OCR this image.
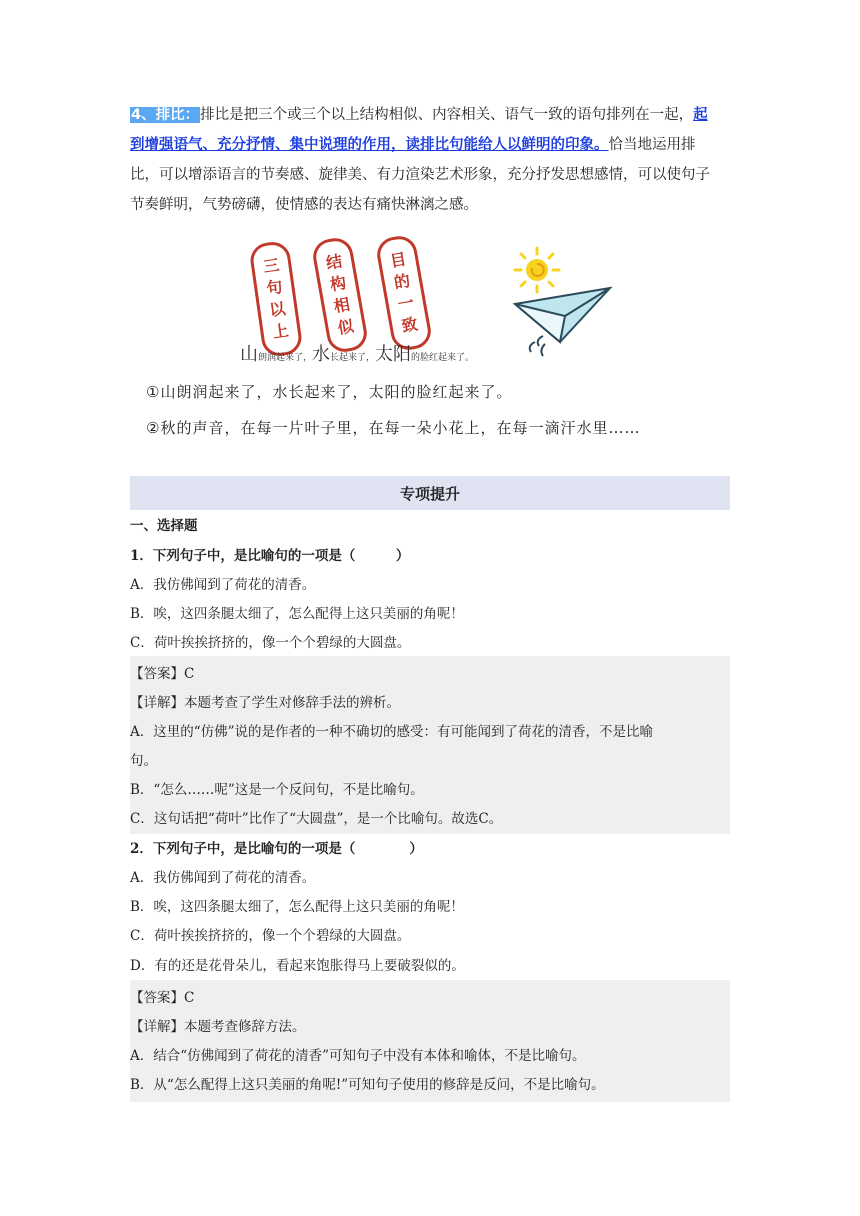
4、排比：排比是把三个或三个以上结构相似、内容相关、语气一致的语句排列在一起，起
到增强语气、充分抒情、集中说理的作用，读排比句能给人以鲜明的印象。恰当地运用排
比，可以增添语言的节奏感、旋律美、有力渲染艺术形象，充分抒发思想感情，可以使句子
节奏鲜明，气势磅礴，使情感的表达有痛快淋漓之感。
三
句
以
上
结
构
相
似
目
的
一
致
山朗润起来了，水长起来了，太阳的脸红起来了。
①山朗润起来了，水长起来了，太阳的脸红起来了。
②秋的声音，在每一片叶子里，在每一朵小花上，在每一滴汗水里……
专项提升
一、选择题
1．下列句子中，是比喻句的一项是（　　　）
A．我仿佛闻到了荷花的清香。
B．唉，这四条腿太细了，怎么配得上这只美丽的角呢！
C．荷叶挨挨挤挤的，像一个个碧绿的大圆盘。
【答案】C
【详解】本题考查了学生对修辞手法的辨析。
A．这里的“仿佛”说的是作者的一种不确切的感受：有可能闻到了荷花的清香，不是比喻
句。
B．“怎么……呢”这是一个反问句，不是比喻句。
C．这句话把“荷叶”比作了“大圆盘”，是一个比喻句。故选C。
2．下列句子中，是比喻句的一项是（　　　　）
A．我仿佛闻到了荷花的清香。
B．唉，这四条腿太细了，怎么配得上这只美丽的角呢！
C．荷叶挨挨挤挤的，像一个个碧绿的大圆盘。
D．有的还是花骨朵儿，看起来饱胀得马上要破裂似的。
【答案】C
【详解】本题考查修辞方法。
A．结合“仿佛闻到了荷花的清香”可知句子中没有本体和喻体，不是比喻句。
B．从“怎么配得上这只美丽的角呢!”可知句子使用的修辞是反问，不是比喻句。
